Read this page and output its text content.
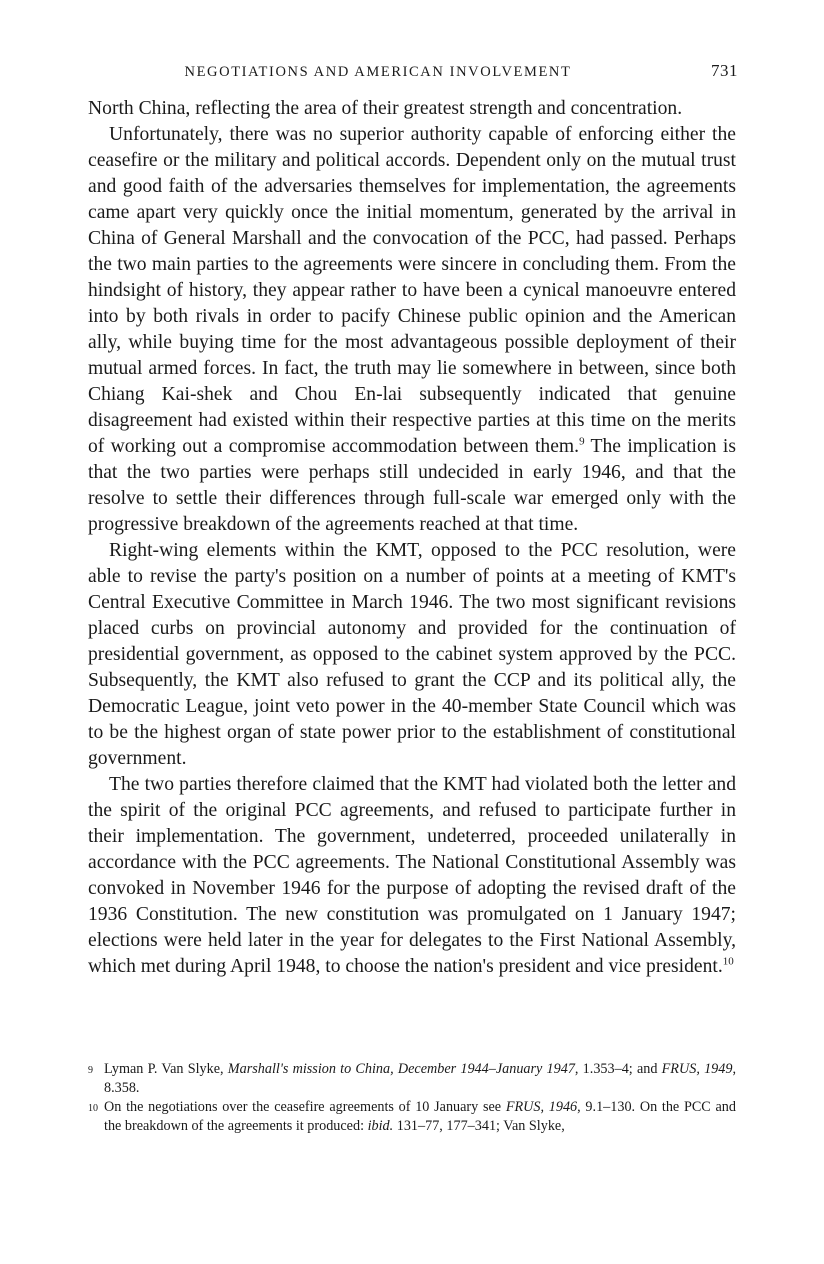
NEGOTIATIONS AND AMERICAN INVOLVEMENT	731

North China, reflecting the area of their greatest strength and concentration.

Unfortunately, there was no superior authority capable of enforcing either the ceasefire or the military and political accords. Dependent only on the mutual trust and good faith of the adversaries themselves for implementation, the agreements came apart very quickly once the initial momentum, generated by the arrival in China of General Marshall and the convocation of the PCC, had passed. Perhaps the two main parties to the agreements were sincere in concluding them. From the hindsight of history, they appear rather to have been a cynical manoeuvre entered into by both rivals in order to pacify Chinese public opinion and the American ally, while buying time for the most advantageous possible deployment of their mutual armed forces. In fact, the truth may lie somewhere in between, since both Chiang Kai-shek and Chou En-lai subsequently indicated that genuine disagreement had existed within their respective parties at this time on the merits of working out a compromise accommodation between them.$^9$ The implication is that the two parties were perhaps still undecided in early 1946, and that the resolve to settle their differences through full-scale war emerged only with the progressive breakdown of the agreements reached at that time.

Right-wing elements within the KMT, opposed to the PCC resolution, were able to revise the party's position on a number of points at a meeting of KMT's Central Executive Committee in March 1946. The two most significant revisions placed curbs on provincial autonomy and provided for the continuation of presidential government, as opposed to the cabinet system approved by the PCC. Subsequently, the KMT also refused to grant the CCP and its political ally, the Democratic League, joint veto power in the 40-member State Council which was to be the highest organ of state power prior to the establishment of constitutional government.

The two parties therefore claimed that the KMT had violated both the letter and the spirit of the original PCC agreements, and refused to participate further in their implementation. The government, undeterred, proceeded unilaterally in accordance with the PCC agreements. The National Constitutional Assembly was convoked in November 1946 for the purpose of adopting the revised draft of the 1936 Constitution. The new constitution was promulgated on 1 January 1947; elections were held later in the year for delegates to the First National Assembly, which met during April 1948, to choose the nation's president and vice president.$^{10}$

9 Lyman P. Van Slyke, Marshall's mission to China, December 1944–January 1947, 1.353–4; and FRUS, 1949, 8.358.

10 On the negotiations over the ceasefire agreements of 10 January see FRUS, 1946, 9.1–130. On the PCC and the breakdown of the agreements it produced: ibid. 131–77, 177–341; Van Slyke,
